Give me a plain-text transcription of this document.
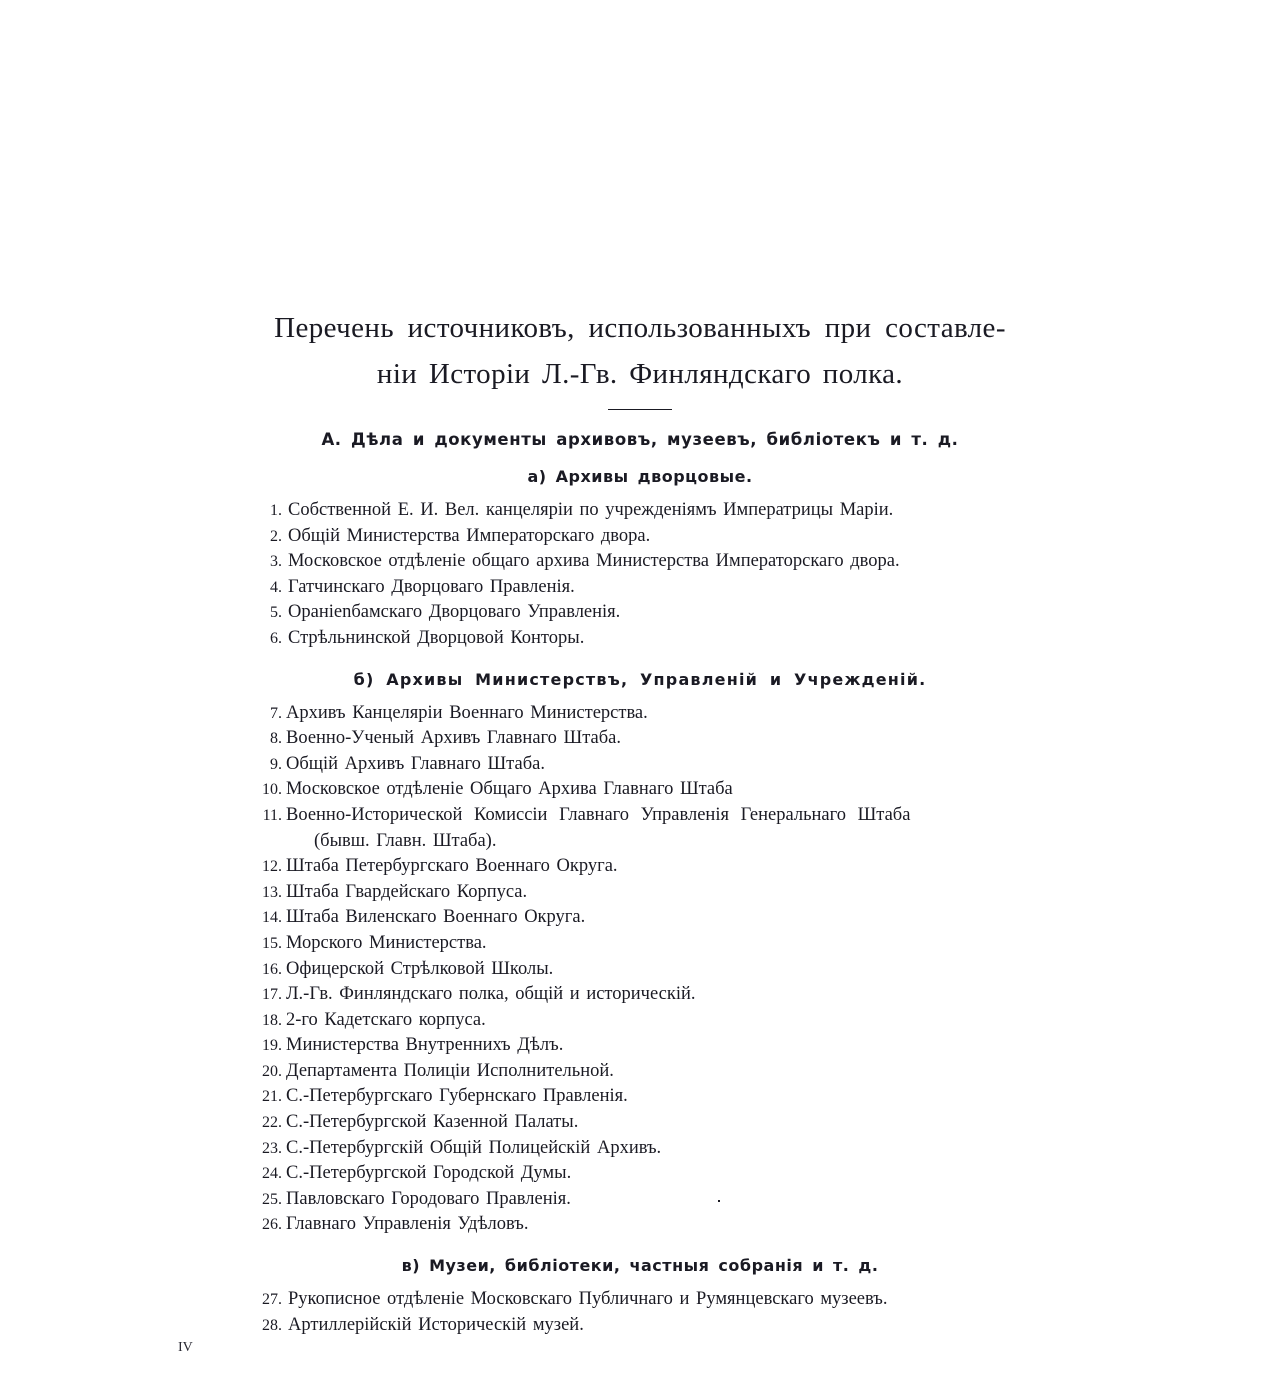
Перечень источниковъ, использованныхъ при составле-
ніи Исторіи Л.-Гв. Финляндскаго полка.
А. Дѣла и документы архивовъ, музеевъ, библіотекъ и т. д.
а) Архивы дворцовые.
1. Собственной Е. И. Вел. канцеляріи по учрежденіямъ Императрицы Маріи.
2. Общій Министерства Императорскаго двора.
3. Московское отдѣленіе общаго архива Министерства Императорскаго двора.
4. Гатчинскаго Дворцоваго Правленія.
5. Оранienбамскаго Дворцоваго Управленія.
6. Стрѣльнинской Дворцовой Конторы.
б) Архивы Министерствъ, Управленій и Учрежденій.
7. Архивъ Канцеляріи Военнаго Министерства.
8. Военно-Ученый Архивъ Главнаго Штаба.
9. Общій Архивъ Главнаго Штаба.
10. Московское отдѣленіе Общаго Архива Главнаго Штаба
11. Военно-Исторической Комиссіи Главнаго Управленія Генеральнаго Штаба
(бывш. Главн. Штаба).
12. Штаба Петербургскаго Военнаго Округа.
13. Штаба Гвардейскаго Корпуса.
14. Штаба Виленскаго Военнаго Округа.
15. Морского Министерства.
16. Офицерской Стрѣлковой Школы.
17. Л.-Гв. Финляндскаго полка, общій и историческій.
18. 2-го Кадетскаго корпуса.
19. Министерства Внутреннихъ Дѣлъ.
20. Департамента Полиціи Исполнительной.
21. С.-Петербургскаго Губернскаго Правленія.
22. С.-Петербургской Казенной Палаты.
23. С.-Петербургскій Общій Полицейскій Архивъ.
24. С.-Петербургской Городской Думы.
25. Павловскаго Городоваго Правленія.
26. Главнаго Управленія Удѣловъ.
в) Музеи, библіотеки, частныя собранія и т. д.
27. Рукописное отдѣленіе Московскаго Публичнаго и Румянцевскаго музеевъ.
28. Артиллерійскій Историческій музей.
IV
